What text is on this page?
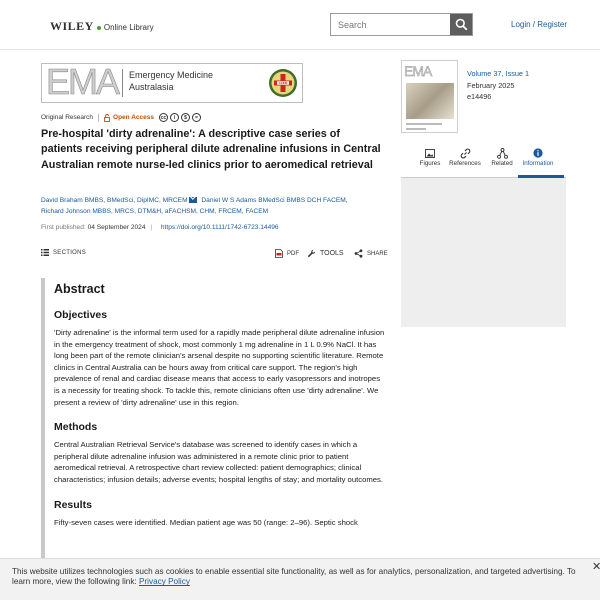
WILEY Online Library
Search	Login / Register
EMA Emergency Medicine
Australasia	ACEM
Original Research	Open Access	cc	i	$	=
Pre-hospital 'dirty adrenaline': A descriptive case series of patients receiving peripheral dilute adrenaline infusions in Central Australian remote nurse-led clinics prior to aeromedical retrieval
David Braham BMBS, BMedSci, DipIMC, MRCEM Daniel W S Adams BMedSci BMBS DCH FACEM,
Richard Johnson MBBS, MRCS, DTM&H, aFACHSM, CHM, FRCEM, FACEM
First published: 04 September 2024 | https://doi.org/10.1111/1742-6723.14496
SECTIONS	PDF	TOOLS	SHARE
Abstract
Objectives

'Dirty adrenaline' is the informal term used for a rapidly made peripheral dilute adrenaline infusion in the emergency treatment of shock, most commonly 1 mg adrenaline in 1 L 0.9% NaCl. It has long been part of the remote clinician's arsenal despite no supporting scientific literature. Remote clinics in Central Australia can be hours away from critical care support. The region's high prevalence of renal and cardiac disease means that access to early vasopressors and inotropes is a necessity for treating shock. To tackle this, remote clinicians often use 'dirty adrenaline'. We present a review of 'dirty adrenaline' use in this region.

Methods

Central Australian Retrieval Service's database was screened to identify cases in which a peripheral dilute adrenaline infusion was administered in a remote clinic prior to patient aeromedical retrieval. A retrospective chart review collected: patient demographics; clinical characteristics; infusion details; adverse events; hospital lengths of stay; and mortality outcomes.

Results

Fifty-seven cases were identified. Median patient age was 50 (range: 2–96). Septic shock

EMA	Volume 37, Issue 1
February 2025
e14496
Figures	References	Related	Information
This website utilizes technologies such as cookies to enable essential site functionality, as well as for analytics, personalization, and targeted advertising. To learn more, view the following link: Privacy Policy
✕
